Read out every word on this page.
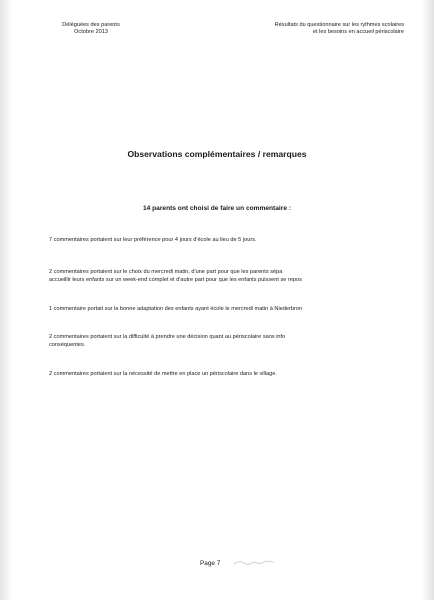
Déléguées des parents
Octobre 2013
Résultats du questionnaire sur les rythmes scolaires
et les besoins en accueil périscolaire
Observations complémentaires / remarques
14 parents ont choisi de faire un commentaire :
7 commentaires portaient sur leur préférence pour 4 jours d'école au lieu de 5 jours.
2 commentaires portaient sur le choix du mercredi matin, d'une part pour que les parents sépa
accueillir leurs enfants sur un week-end complet et d'autre part pour que les enfants puissent se repos
1 commentaire portait sur la bonne adaptation des enfants ayant école le mercredi matin à Niederbron
2 commentaires portaient sur la difficulté à prendre une décision quant au périscolaire sans info
conséquentes.
2 commentaires portaient sur la nécessité de mettre en place un périscolaire dans le village.
Page 7
